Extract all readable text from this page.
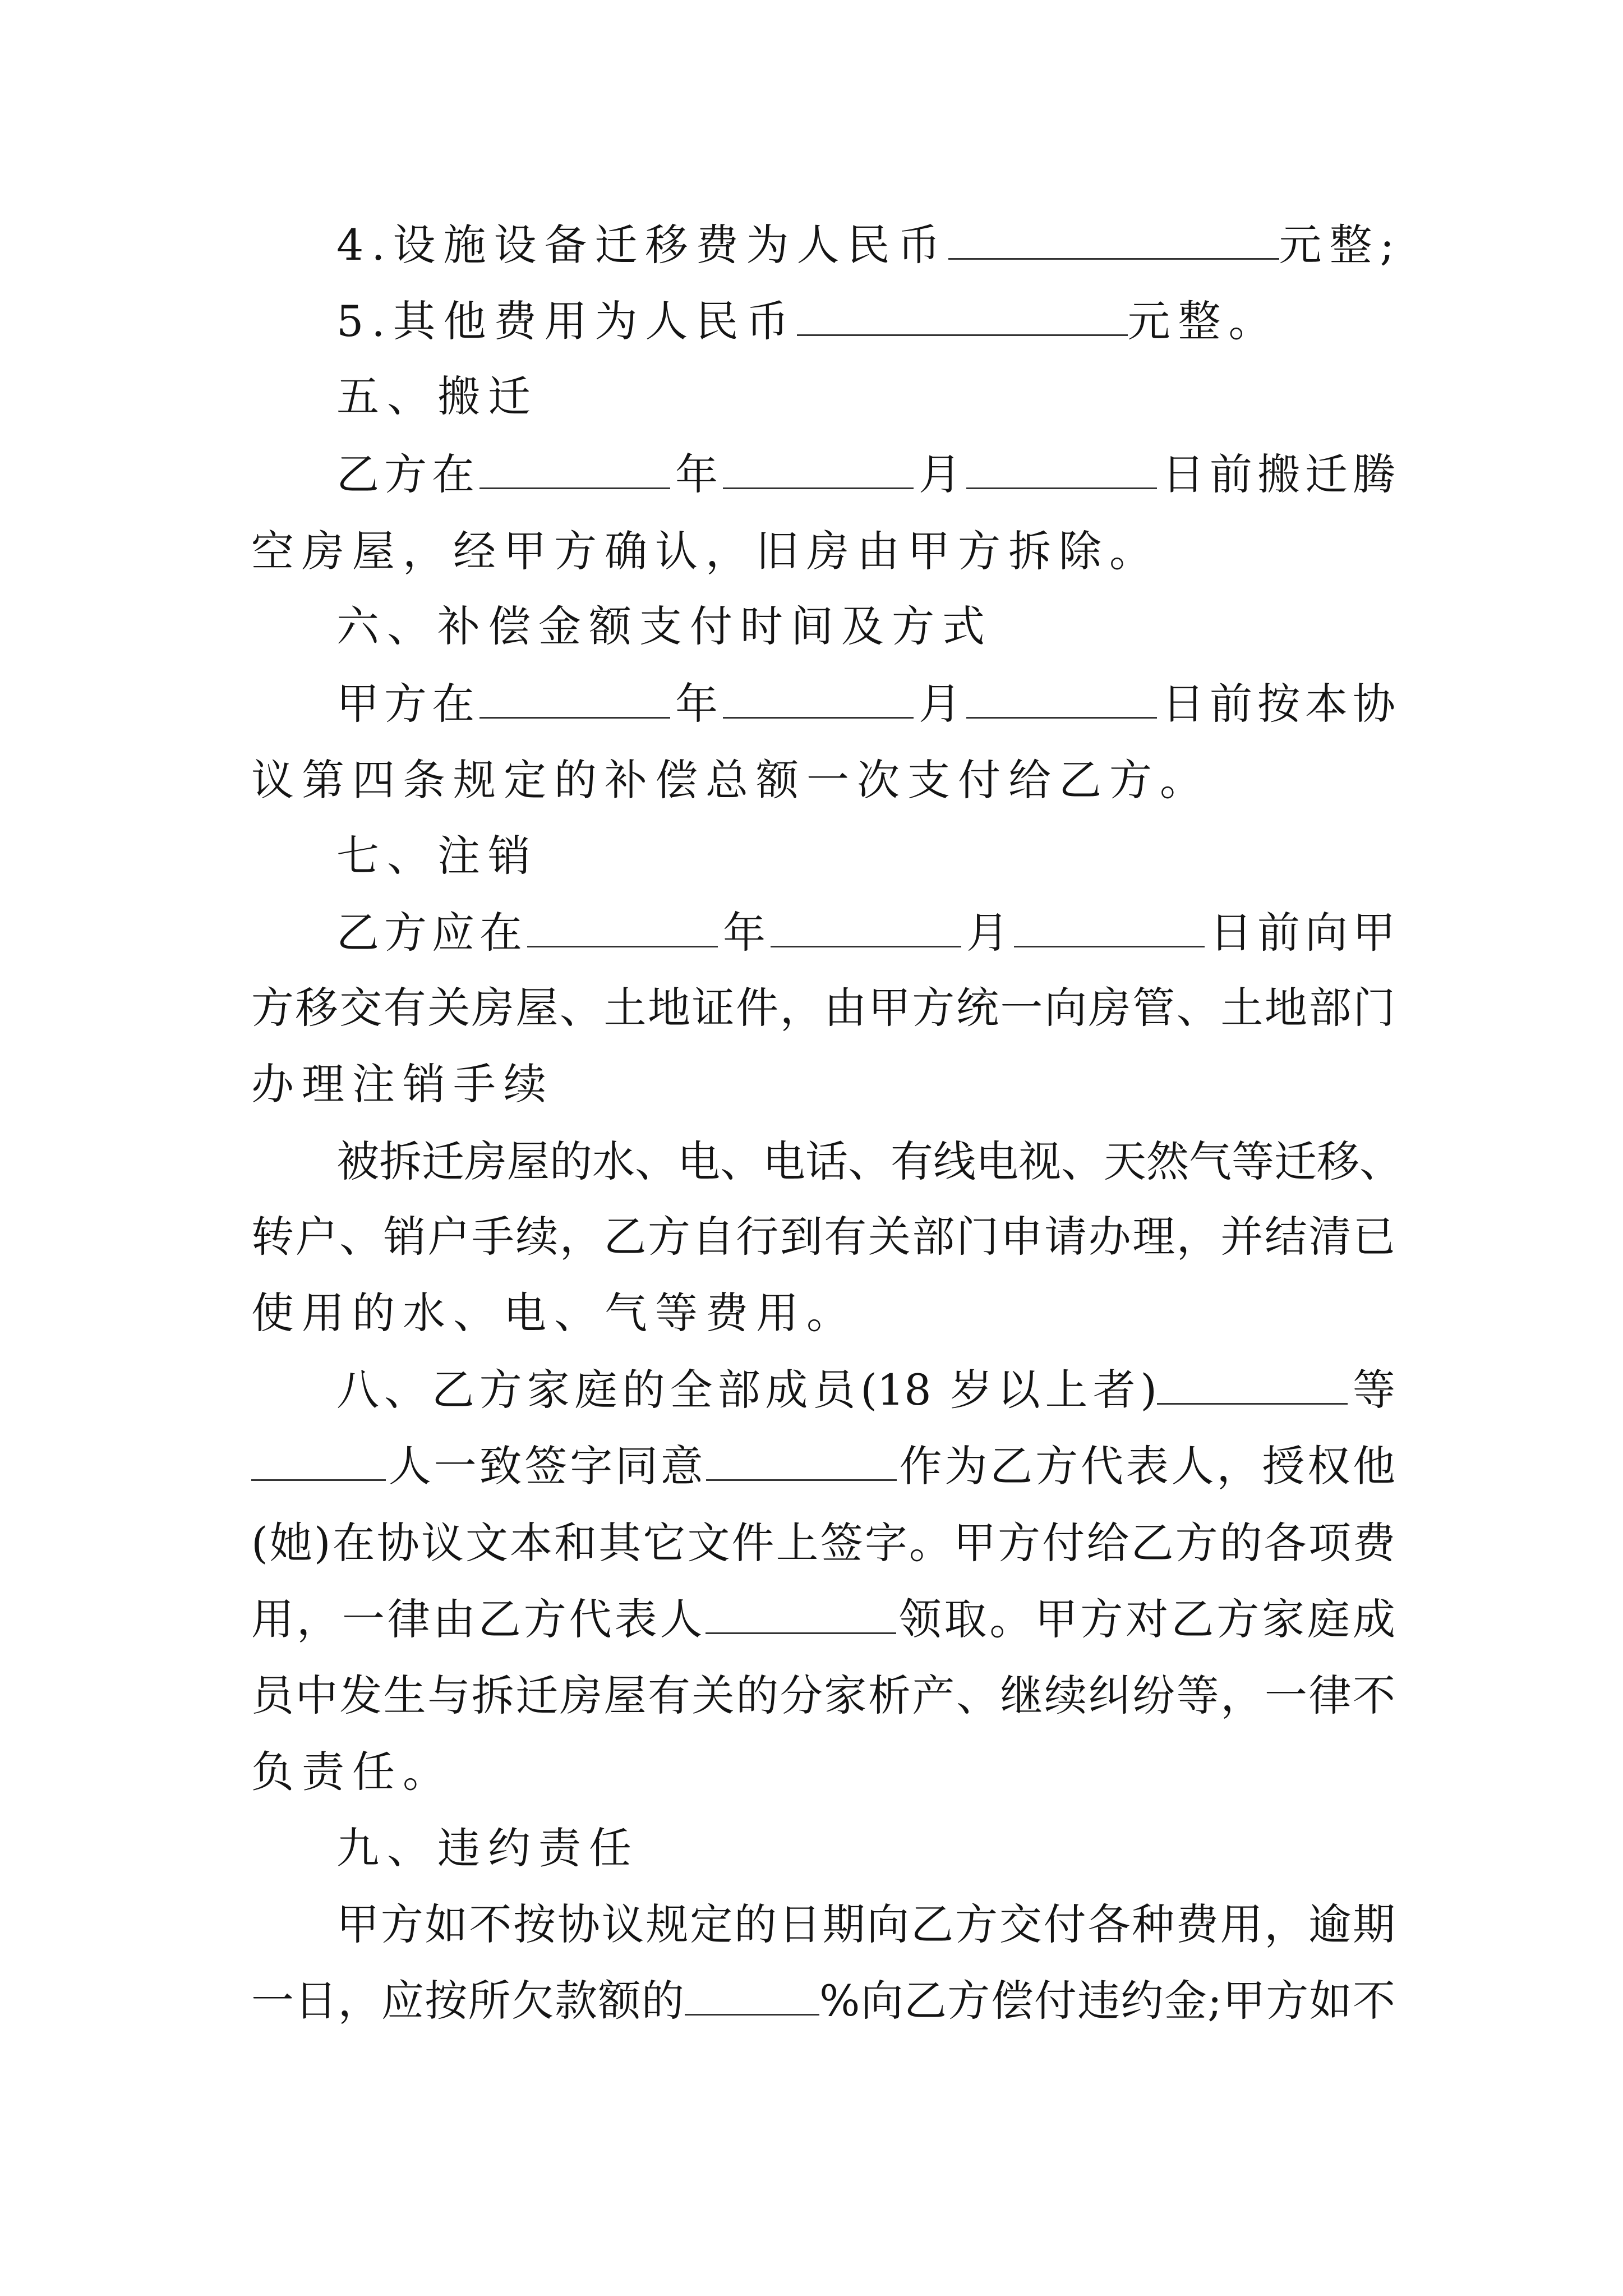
4.设施设备迁移费为人民币	元整;
5.其他费用为人民币	元整。
五、搬迁
乙方在	年	月	日前搬迁腾
空房屋，经甲方确认，旧房由甲方拆除。
六、补偿金额支付时间及方式
甲方在	年	月	日前按本协
议第四条规定的补偿总额一次支付给乙方。
七、注销
乙方应在	年	月	日前向甲
方移交有关房屋、土地证件，由甲方统一向房管、土地部门
办理注销手续
被拆迁房屋的水、电、电话、有线电视、天然气等迁移、
转户、销户手续，乙方自行到有关部门申请办理，并结清已
使用的水、电、气等费用。
八、乙方家庭的全部成员(18 岁以上者)	等
人一致签字同意	作为乙方代表人，授权他
(她)在协议文本和其它文件上签字。甲方付给乙方的各项费
用，一律由乙方代表人	领取。甲方对乙方家庭成
员中发生与拆迁房屋有关的分家析产、继续纠纷等，一律不
负责任。
九、违约责任
甲方如不按协议规定的日期向乙方交付各种费用，逾期
一日，应按所欠款额的	%向乙方偿付违约金;甲方如不
